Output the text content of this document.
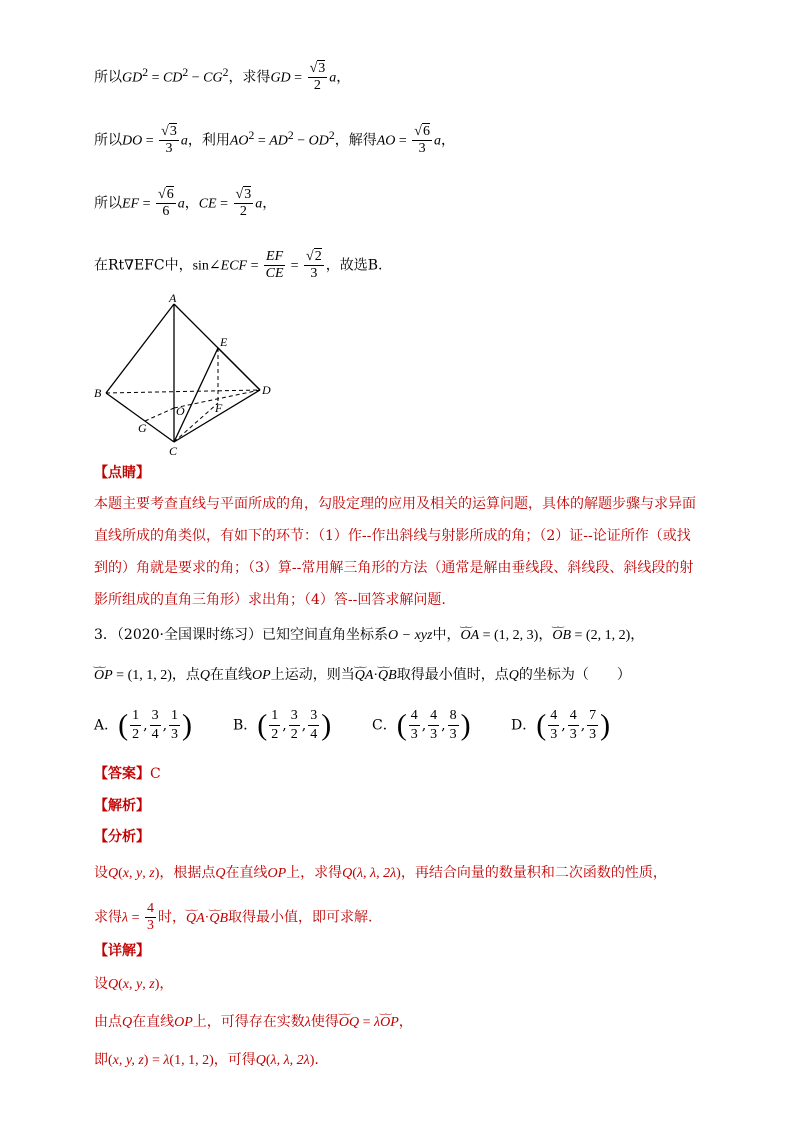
所以$GD^2 = CD^2 - CG^2$，求得GD = $\frac{√3}{2}$ a，
所以DO = $\frac{√3}{3}$ a，利用$AO^2 = AD^2 - OD^2$，解得AO = $\frac{√6}{3}$ a，
所以EF = $\frac{√6}{6}$ a，CE = $\frac{√3}{2}$ a，
在Rt∇EFC中，sin∠ECF = $\frac{EF}{CE} = \frac{√2}{3}$ ，故选B.
A
B
C
D
E
F
G
O
【点睛】
本题主要考查直线与平面所成的角，勾股定理的应用及相关的运算问题，具体的解题步骤与求异面
直线所成的角类似，有如下的环节：（1）作--作出斜线与射影所成的角；（2）证--论证所作（或找
到的）角就是要求的角；（3）算--常用解三角形的方法（通常是解由垂线段、斜线段、斜线段的射
影所组成的直角三角形）求出角；（4）答--回答求解问题.
3．（2020·全国课时练习）已知空间直角坐标系O − xyz中，‿‿ OA = (1, 2, 3)，‿‿ OB = (2, 1, 2)，
‿‿ OP = (1, 1, 2)，点Q在直线OP上运动，则当‿‿ QA·‿‿ QB取得最小值时，点Q的坐标为（　　）
A．( $\frac{1}{2}$ , $\frac{3}{4}$ , $\frac{1}{3}$ )	B．( $\frac{1}{2}$ , $\frac{3}{2}$ , $\frac{3}{4}$ )	C．( $\frac{4}{3}$ , $\frac{4}{3}$ , $\frac{8}{3}$ )	D．( $\frac{4}{3}$ , $\frac{4}{3}$ , $\frac{7}{3}$ )
【答案】C
【解析】
【分析】
设Q(x, y, z)，根据点Q在直线OP上，求得Q(λ, λ, 2λ)，再结合向量的数量积和二次函数的性质，
求得$\lambda = \frac{4}{3}$ 时，‿‿ QA·‿‿ QB取得最小值，即可求解.
【详解】
设Q(x, y, z)，
由点Q在直线OP上，可得存在实数λ使得‿‿ OQ = λ‿‿ OP，
即(x, y, z) = λ(1, 1, 2)，可得Q(λ, λ, 2λ).
